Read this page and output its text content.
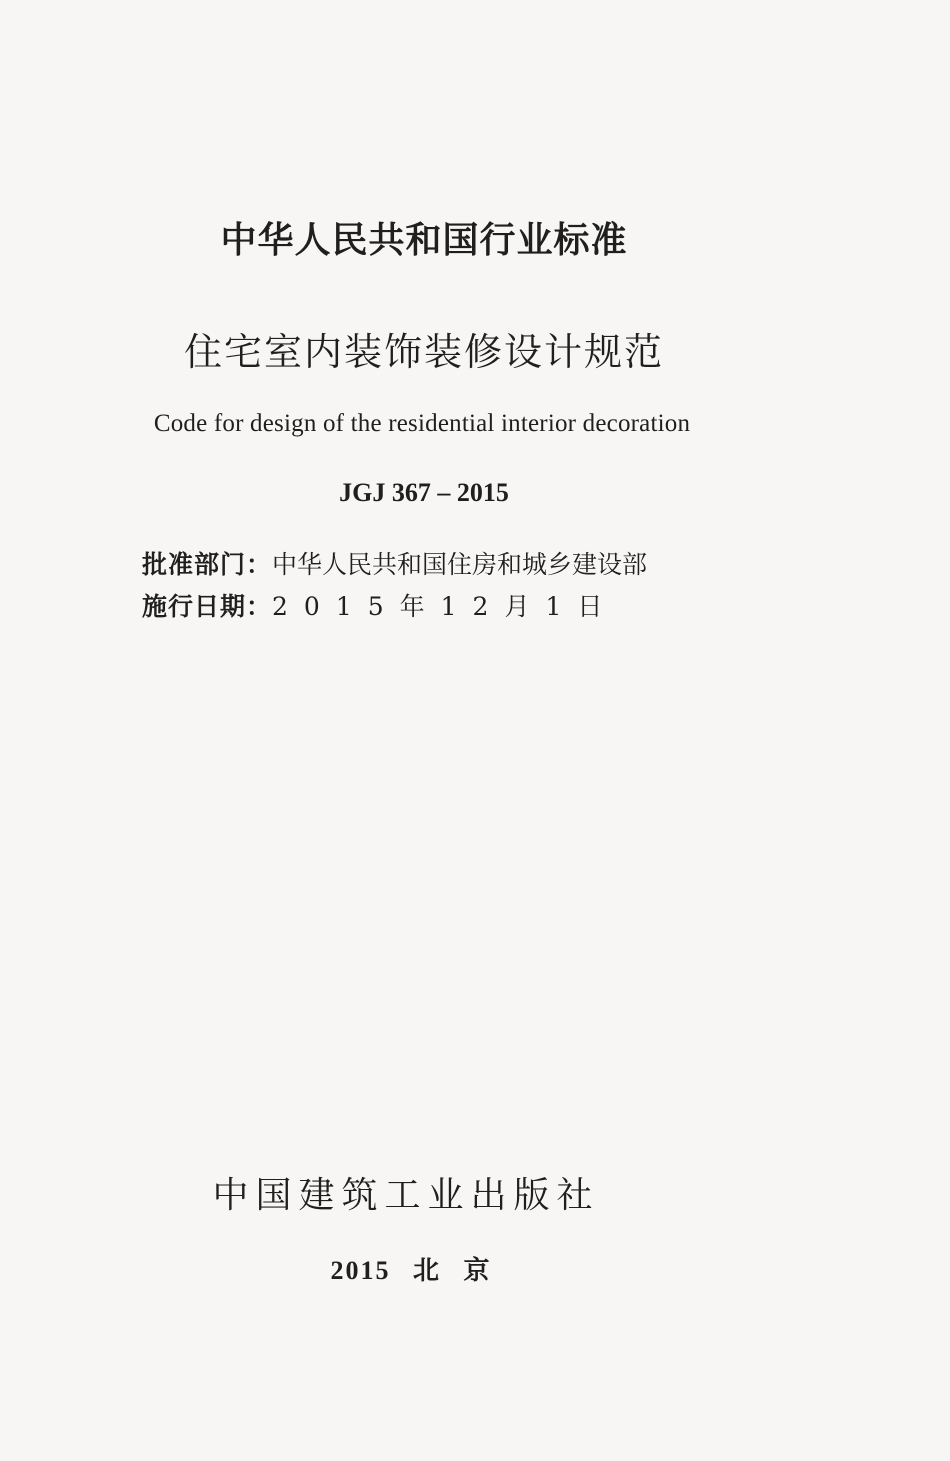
中华人民共和国行业标准
住宅室内装饰装修设计规范
Code for design of the residential interior decoration
JGJ 367 – 2015
批准部门： 中华人民共和国住房和城乡建设部
施行日期： 2015年12月1日
中国建筑工业出版社
2015 北 京
